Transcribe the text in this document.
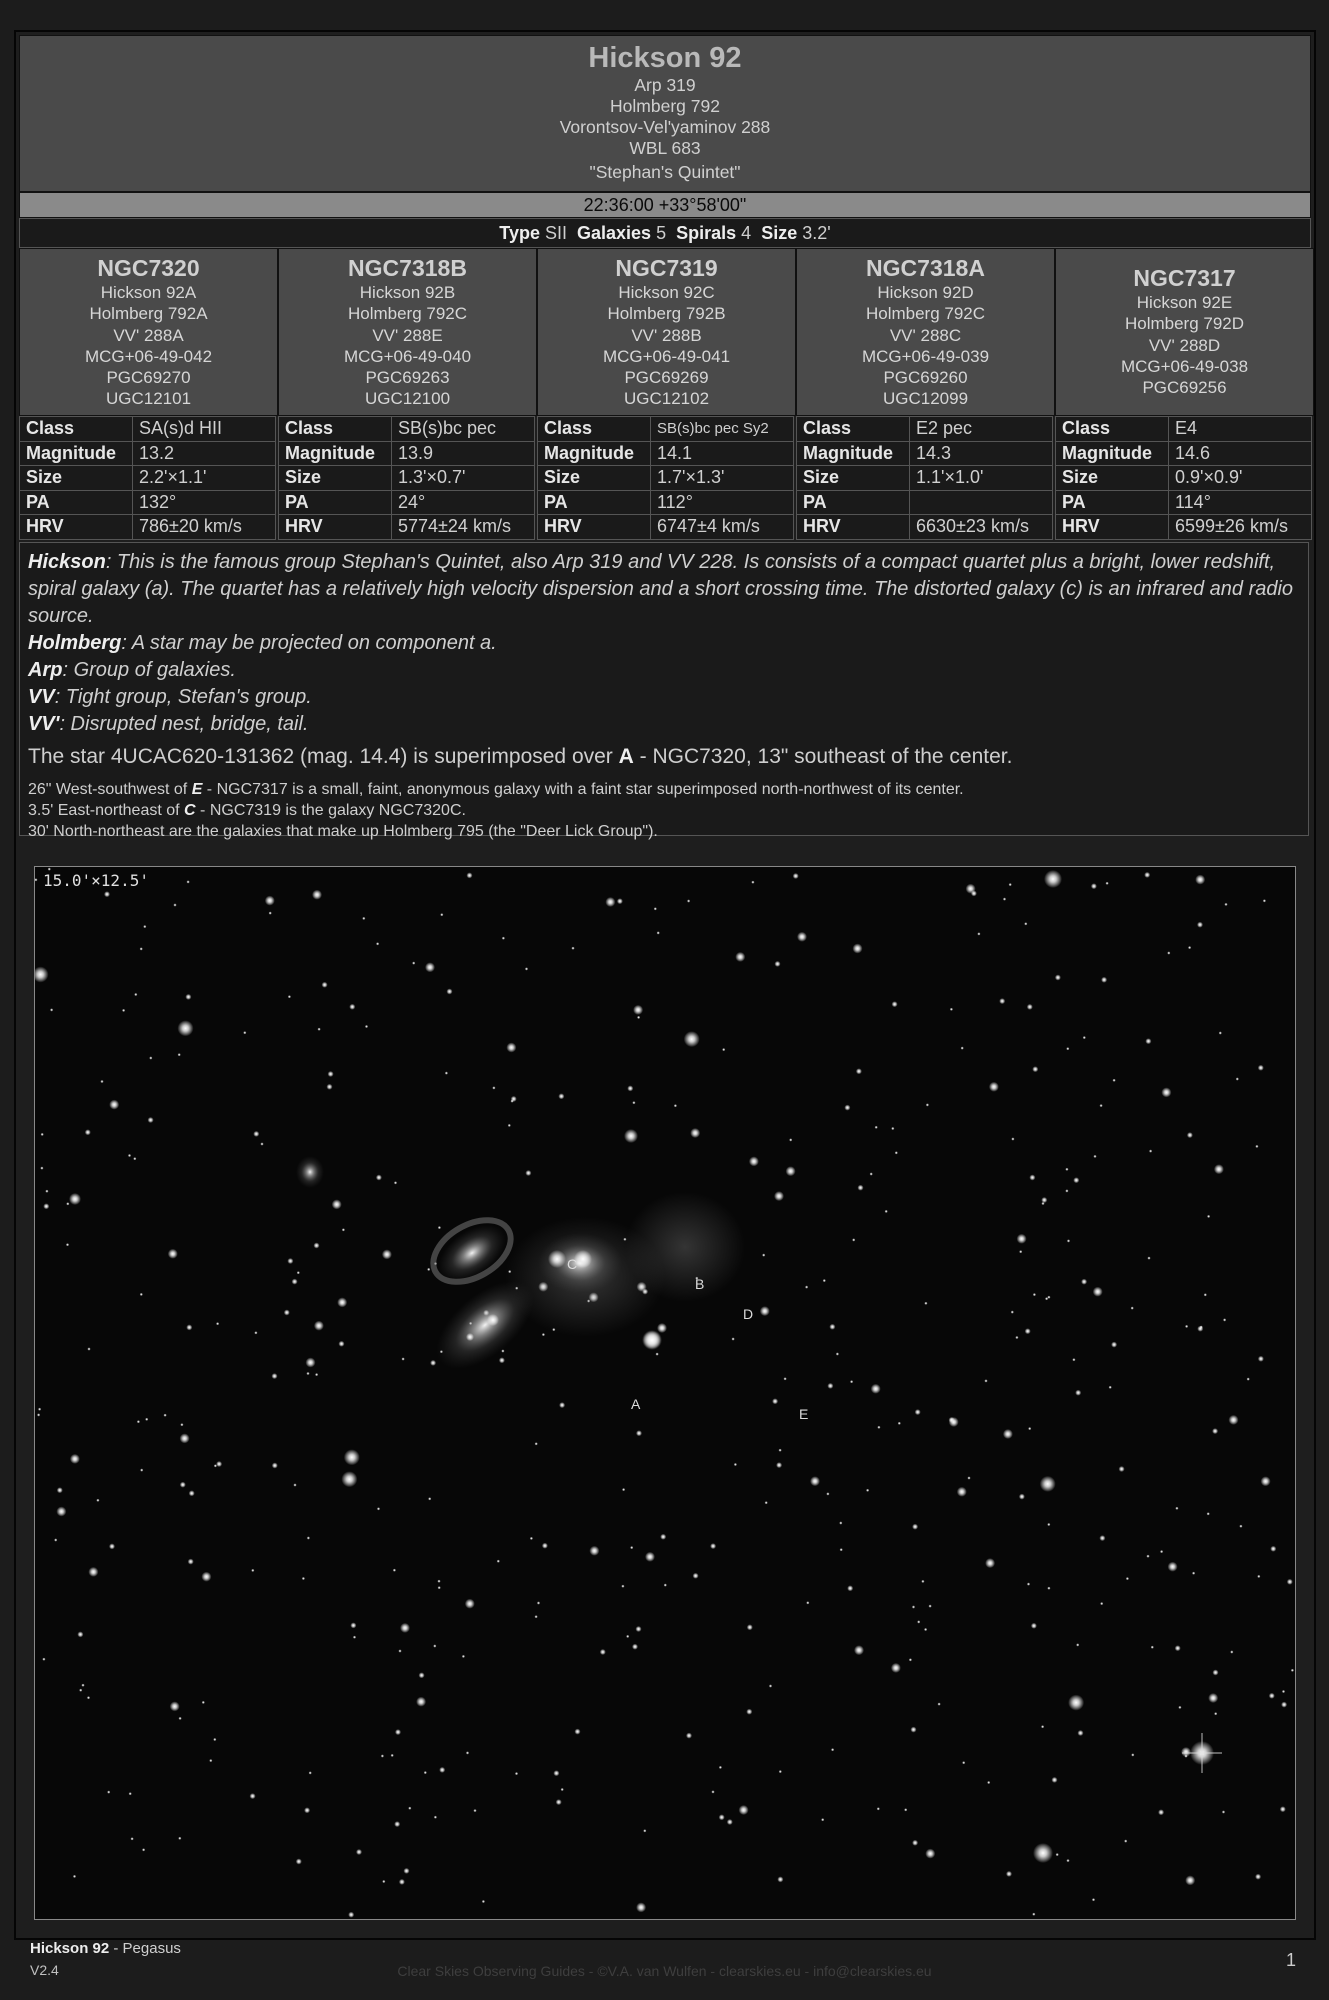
Hickson 92
Arp 319
Holmberg 792
Vorontsov-Vel'yaminov 288
WBL 683
"Stephan's Quintet"
22:36:00 +33°58'00"
Type SII Galaxies 5 Spirals 4 Size 3.2'
NGC7320
Hickson 92A
Holmberg 792A
VV' 288A
MCG+06-49-042
PGC69270
UGC12101
Class	SA(s)d HII
Magnitude	13.2
Size	2.2'×1.1'
PA	132°
HRV	786±20 km/s
NGC7318B
Hickson 92B
Holmberg 792C
VV' 288E
MCG+06-49-040
PGC69263
UGC12100
Class	SB(s)bc pec
Magnitude	13.9
Size	1.3'×0.7'
PA	24°
HRV	5774±24 km/s
NGC7319
Hickson 92C
Holmberg 792B
VV' 288B
MCG+06-49-041
PGC69269
UGC12102
Class	SB(s)bc pec Sy2
Magnitude	14.1
Size	1.7'×1.3'
PA	112°
HRV	6747±4 km/s
NGC7318A
Hickson 92D
Holmberg 792C
VV' 288C
MCG+06-49-039
PGC69260
UGC12099
Class	E2 pec
Magnitude	14.3
Size	1.1'×1.0'
PA	
HRV	6630±23 km/s
NGC7317
Hickson 92E
Holmberg 792D
VV' 288D
MCG+06-49-038
PGC69256
Class	E4
Magnitude	14.6
Size	0.9'×0.9'
PA	114°
HRV	6599±26 km/s

Hickson: This is the famous group Stephan's Quintet, also Arp 319 and VV 228. Is consists of a compact quartet plus a bright, lower redshift, spiral galaxy (a). The quartet has a relatively high velocity dispersion and a short crossing time. The distorted galaxy (c) is an infrared and radio source.

Holmberg: A star may be projected on component a.

Arp: Group of galaxies.

VV: Tight group, Stefan's group.

VV': Disrupted nest, bridge, tail.

The star 4UCAC620-131362 (mag. 14.4) is superimposed over A - NGC7320, 13" southeast of the center.

26" West-southwest of E - NGC7317 is a small, faint, anonymous galaxy with a faint star superimposed north-northwest of its center.

3.5' East-northeast of C - NGC7319 is the galaxy NGC7320C.

30' North-northeast are the galaxies that make up Holmberg 795 (the "Deer Lick Group").

C
B
D
A
E
15.0'×12.5'
Hickson 92 - Pegasus
V2.4	Clear Skies Observing Guides - ©V.A. van Wulfen - clearskies.eu - info@clearskies.eu
1
